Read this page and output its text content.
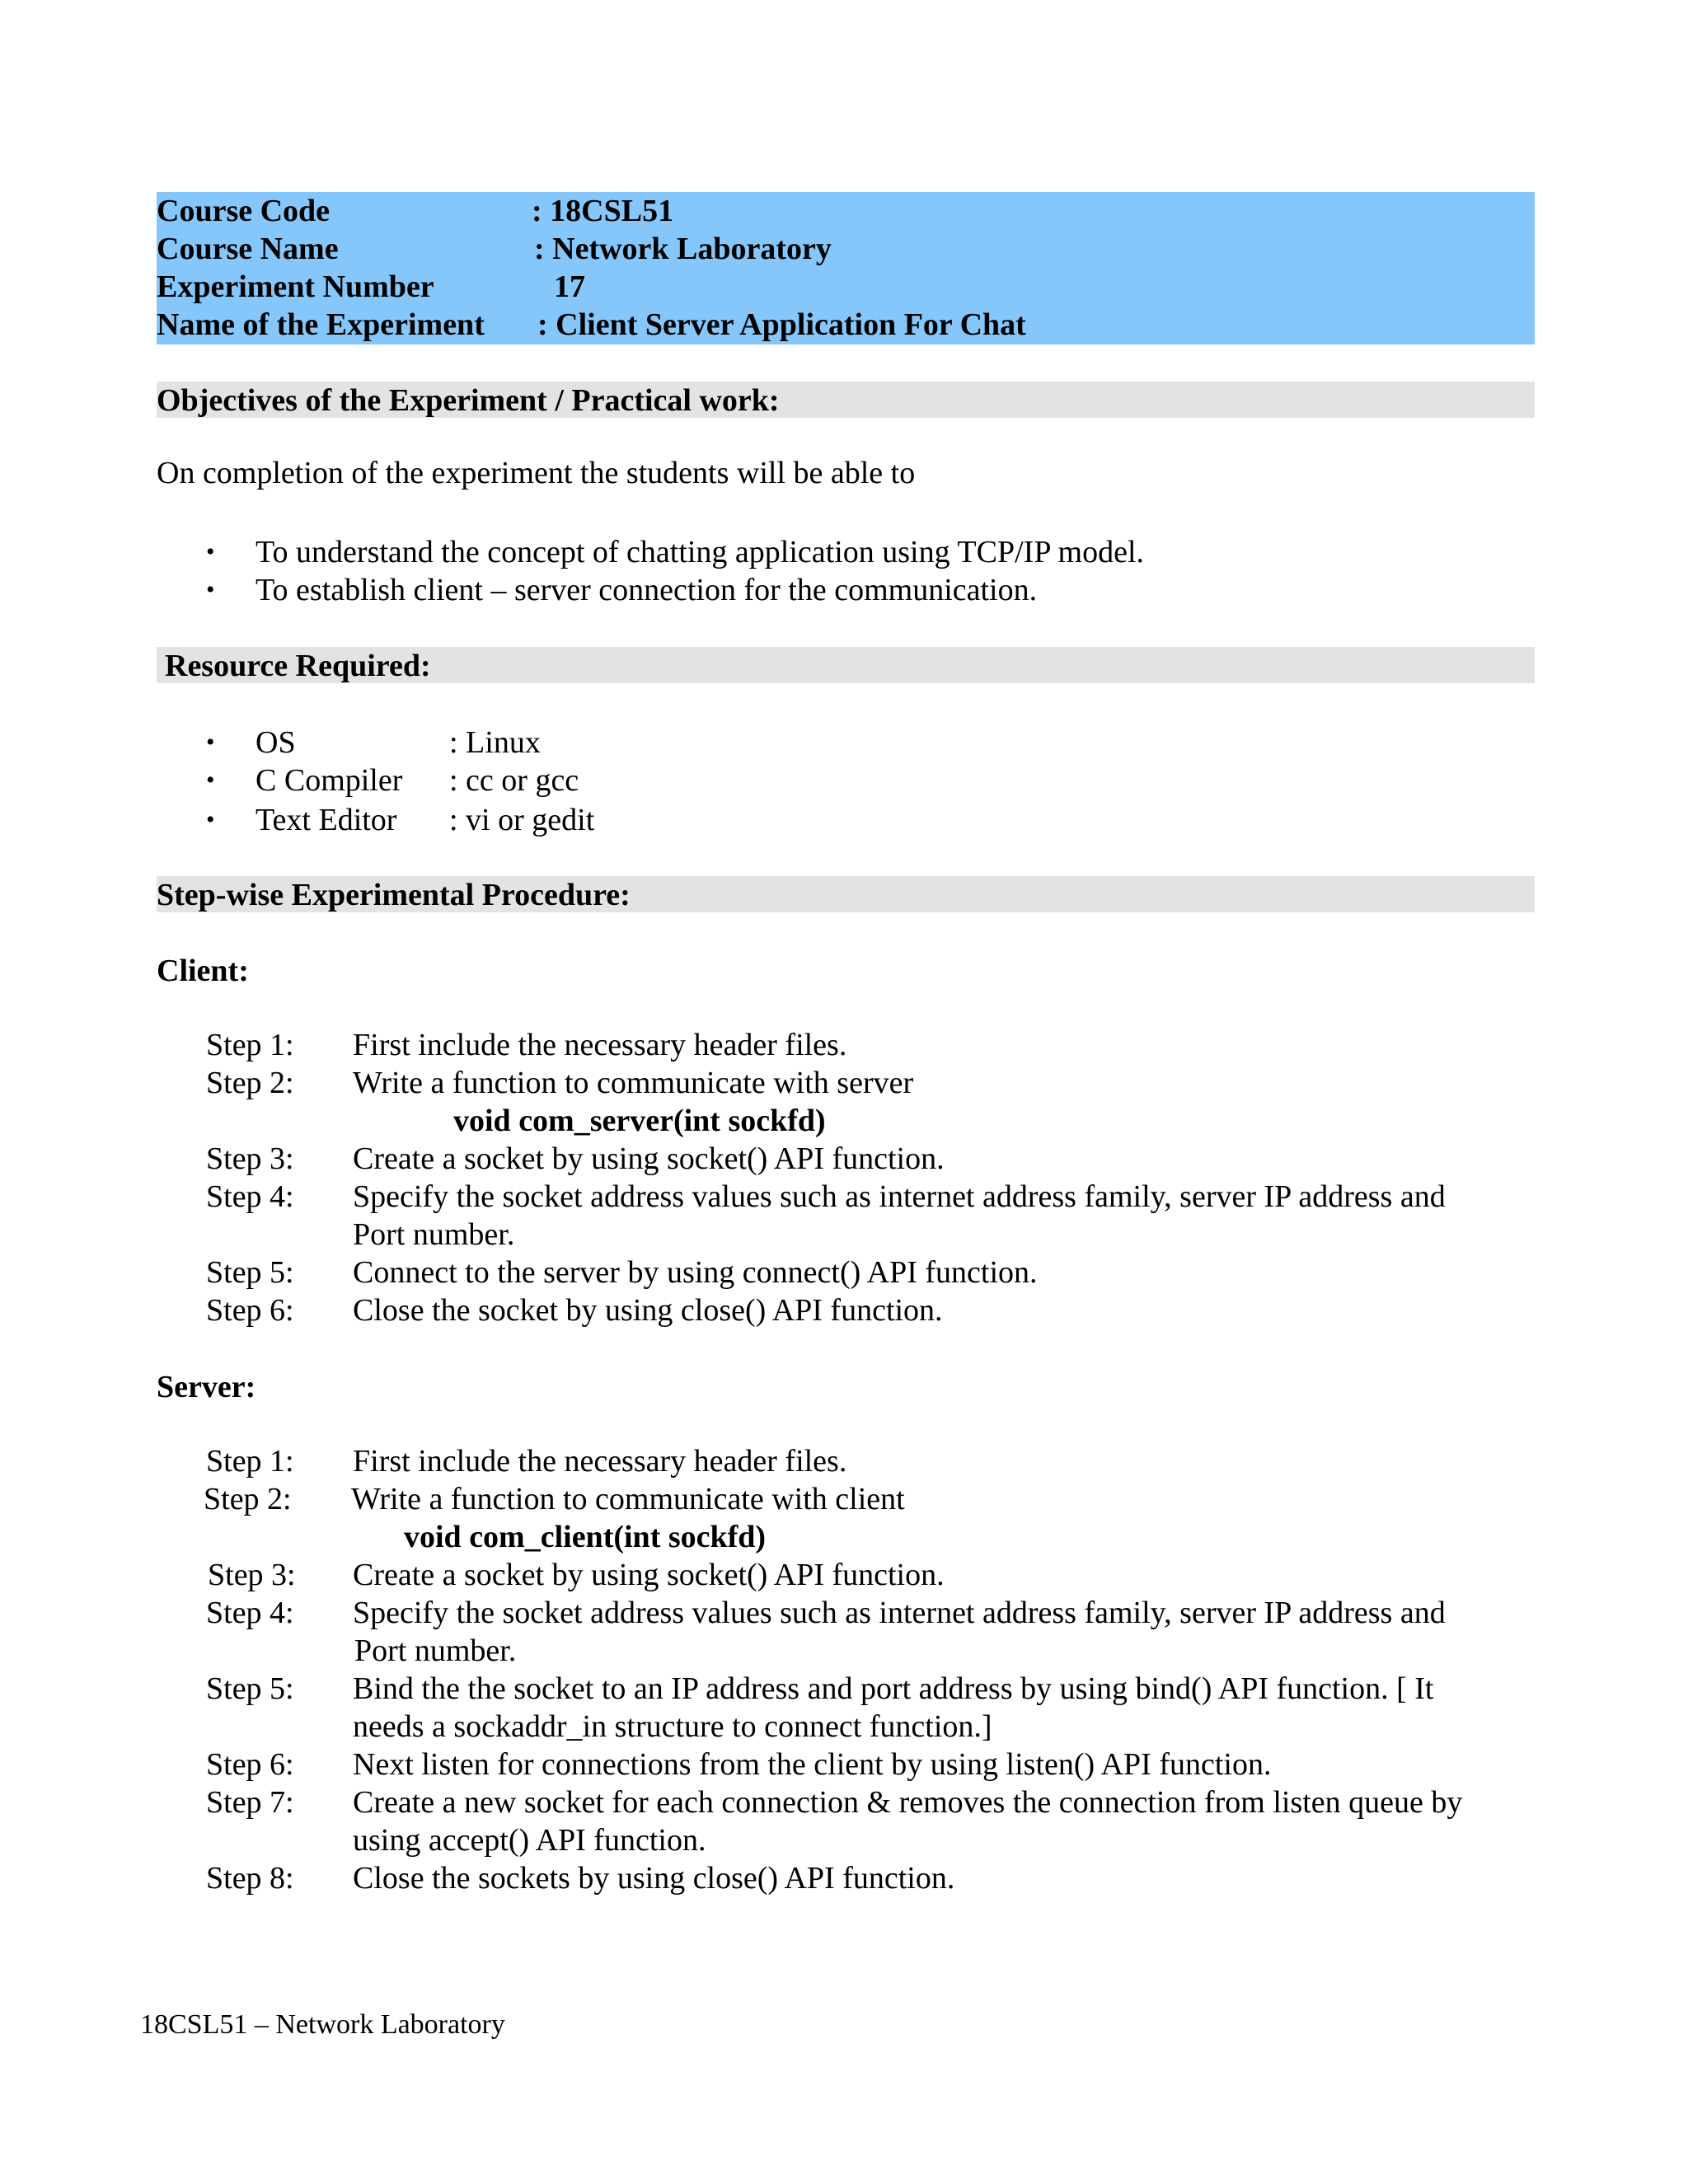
Course Code	: 18CSL51
Course Name	: Network Laboratory
Experiment Number	17
Name of the Experiment : Client Server Application For Chat
Objectives of the Experiment / Practical work:
On completion of the experiment the students will be able to
• To understand the concept of chatting application using TCP/IP model.
• To establish client – server connection for the communication.
Resource Required:
• OS	: Linux
• C Compiler : cc or gcc
• Text Editor : vi or gedit
Step-wise Experimental Procedure:
Client:
Step 1: First include the necessary header files.
Step 2: Write a function to communicate with server
void com_server(int sockfd)
Step 3: Create a socket by using socket() API function.
Step 4: Specify the socket address values such as internet address family, server IP address and
Port number.
Step 5: Connect to the server by using connect() API function.
Step 6: Close the socket by using close() API function.
Server:
Step 1: First include the necessary header files.
Step 2: Write a function to communicate with client
void com_client(int sockfd)
Step 3: Create a socket by using socket() API function.
Step 4: Specify the socket address values such as internet address family, server IP address and
Port number.
Step 5: Bind the the socket to an IP address and port address by using bind() API function. [ It
needs a sockaddr_in structure to connect function.]
Step 6: Next listen for connections from the client by using listen() API function.
Step 7: Create a new socket for each connection & removes the connection from listen queue by
using accept() API function.
Step 8: Close the sockets by using close() API function.
18CSL51 – Network Laboratory
